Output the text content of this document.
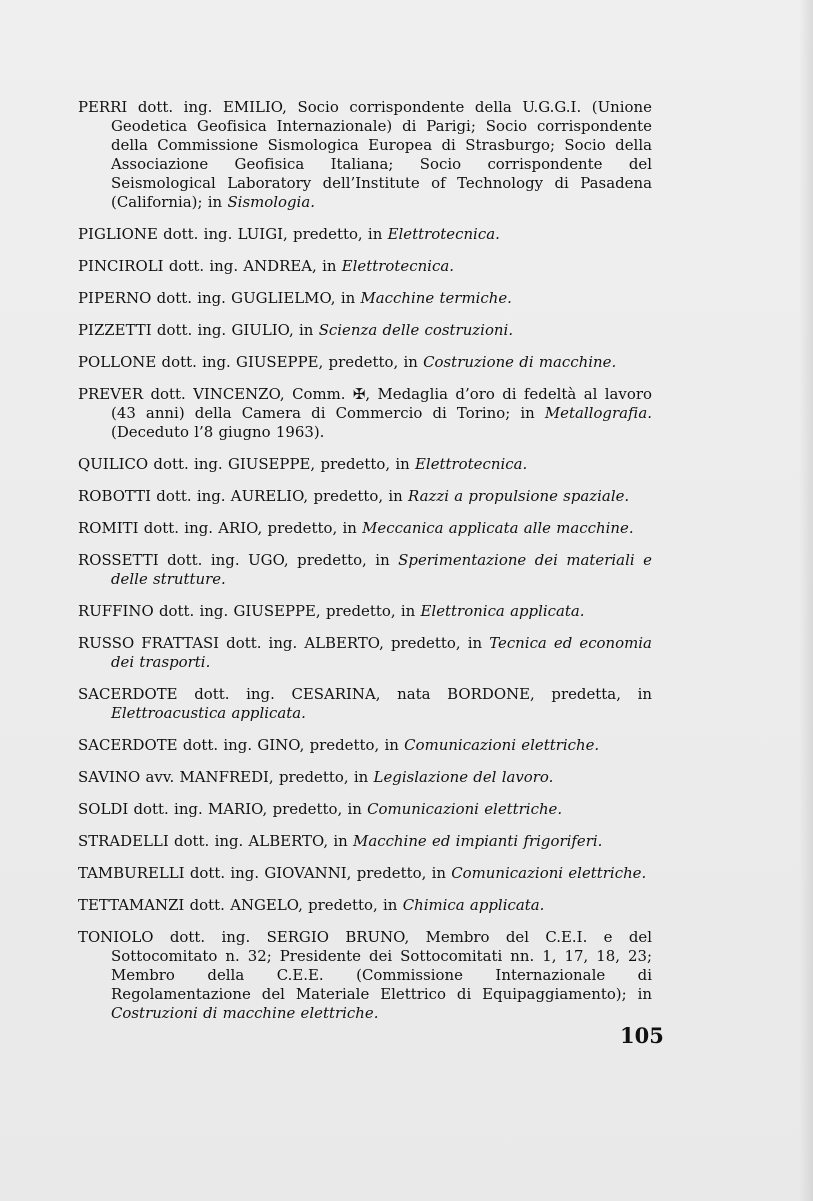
PERRI dott. ing. EMILIO, Socio corrispondente della U.G.G.I. (Unione Geodetica Geofisica Internazionale) di Parigi; Socio corrispondente della Commissione Sismologica Europea di Strasburgo; Socio della Associazione Geofisica Italiana; Socio corrispondente del Seismological Laboratory dell’Institute of Technology di Pasadena (California); in Sismologia.
PIGLIONE dott. ing. LUIGI, predetto, in Elettrotecnica.
PINCIROLI dott. ing. ANDREA, in Elettrotecnica.
PIPERNO dott. ing. GUGLIELMO, in Macchine termiche.
PIZZETTI dott. ing. GIULIO, in Scienza delle costruzioni.
POLLONE dott. ing. GIUSEPPE, predetto, in Costruzione di macchine.
PREVER dott. VINCENZO, Comm. ✠, Medaglia d’oro di fedeltà al lavoro (43 anni) della Camera di Commercio di Torino; in Metallografia. (Deceduto l’8 giugno 1963).
QUILICO dott. ing. GIUSEPPE, predetto, in Elettrotecnica.
ROBOTTI dott. ing. AURELIO, predetto, in Razzi a propulsione spaziale.
ROMITI dott. ing. ARIO, predetto, in Meccanica applicata alle macchine.
ROSSETTI dott. ing. UGO, predetto, in Sperimentazione dei materiali e delle strutture.
RUFFINO dott. ing. GIUSEPPE, predetto, in Elettronica applicata.
RUSSO FRATTASI dott. ing. ALBERTO, predetto, in Tecnica ed economia dei trasporti.
SACERDOTE dott. ing. CESARINA, nata BORDONE, predetta, in Elettroacustica applicata.
SACERDOTE dott. ing. GINO, predetto, in Comunicazioni elettriche.
SAVINO avv. MANFREDI, predetto, in Legislazione del lavoro.
SOLDI dott. ing. MARIO, predetto, in Comunicazioni elettriche.
STRADELLI dott. ing. ALBERTO, in Macchine ed impianti frigoriferi.
TAMBURELLI dott. ing. GIOVANNI, predetto, in Comunicazioni elettriche.
TETTAMANZI dott. ANGELO, predetto, in Chimica applicata.
TONIOLO dott. ing. SERGIO BRUNO, Membro del C.E.I. e del Sottocomitato n. 32; Presidente dei Sottocomitati nn. 1, 17, 18, 23; Membro della C.E.E. (Commissione Internazionale di Regolamentazione del Materiale Elettrico di Equipaggiamento); in Costruzioni di macchine elettriche.
105
